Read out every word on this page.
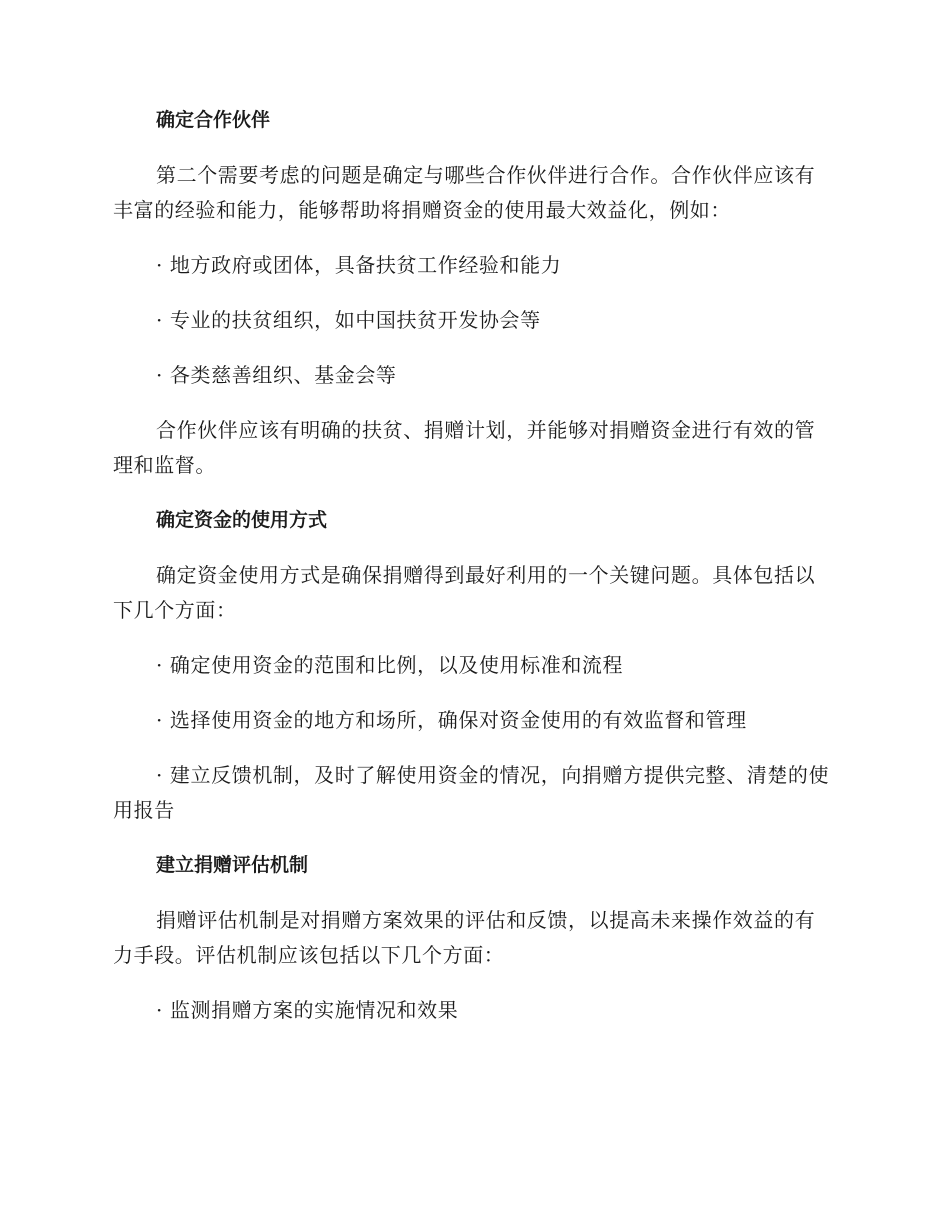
确定合作伙伴

第二个需要考虑的问题是确定与哪些合作伙伴进行合作。合作伙伴应该有丰富的经验和能力，能够帮助将捐赠资金的使用最大效益化，例如：

· 地方政府或团体，具备扶贫工作经验和能力

· 专业的扶贫组织，如中国扶贫开发协会等

· 各类慈善组织、基金会等

合作伙伴应该有明确的扶贫、捐赠计划，并能够对捐赠资金进行有效的管理和监督。

确定资金的使用方式

确定资金使用方式是确保捐赠得到最好利用的一个关键问题。具体包括以下几个方面：

· 确定使用资金的范围和比例，以及使用标准和流程

· 选择使用资金的地方和场所，确保对资金使用的有效监督和管理

· 建立反馈机制，及时了解使用资金的情况，向捐赠方提供完整、清楚的使用报告

建立捐赠评估机制

捐赠评估机制是对捐赠方案效果的评估和反馈，以提高未来操作效益的有力手段。评估机制应该包括以下几个方面：

· 监测捐赠方案的实施情况和效果
